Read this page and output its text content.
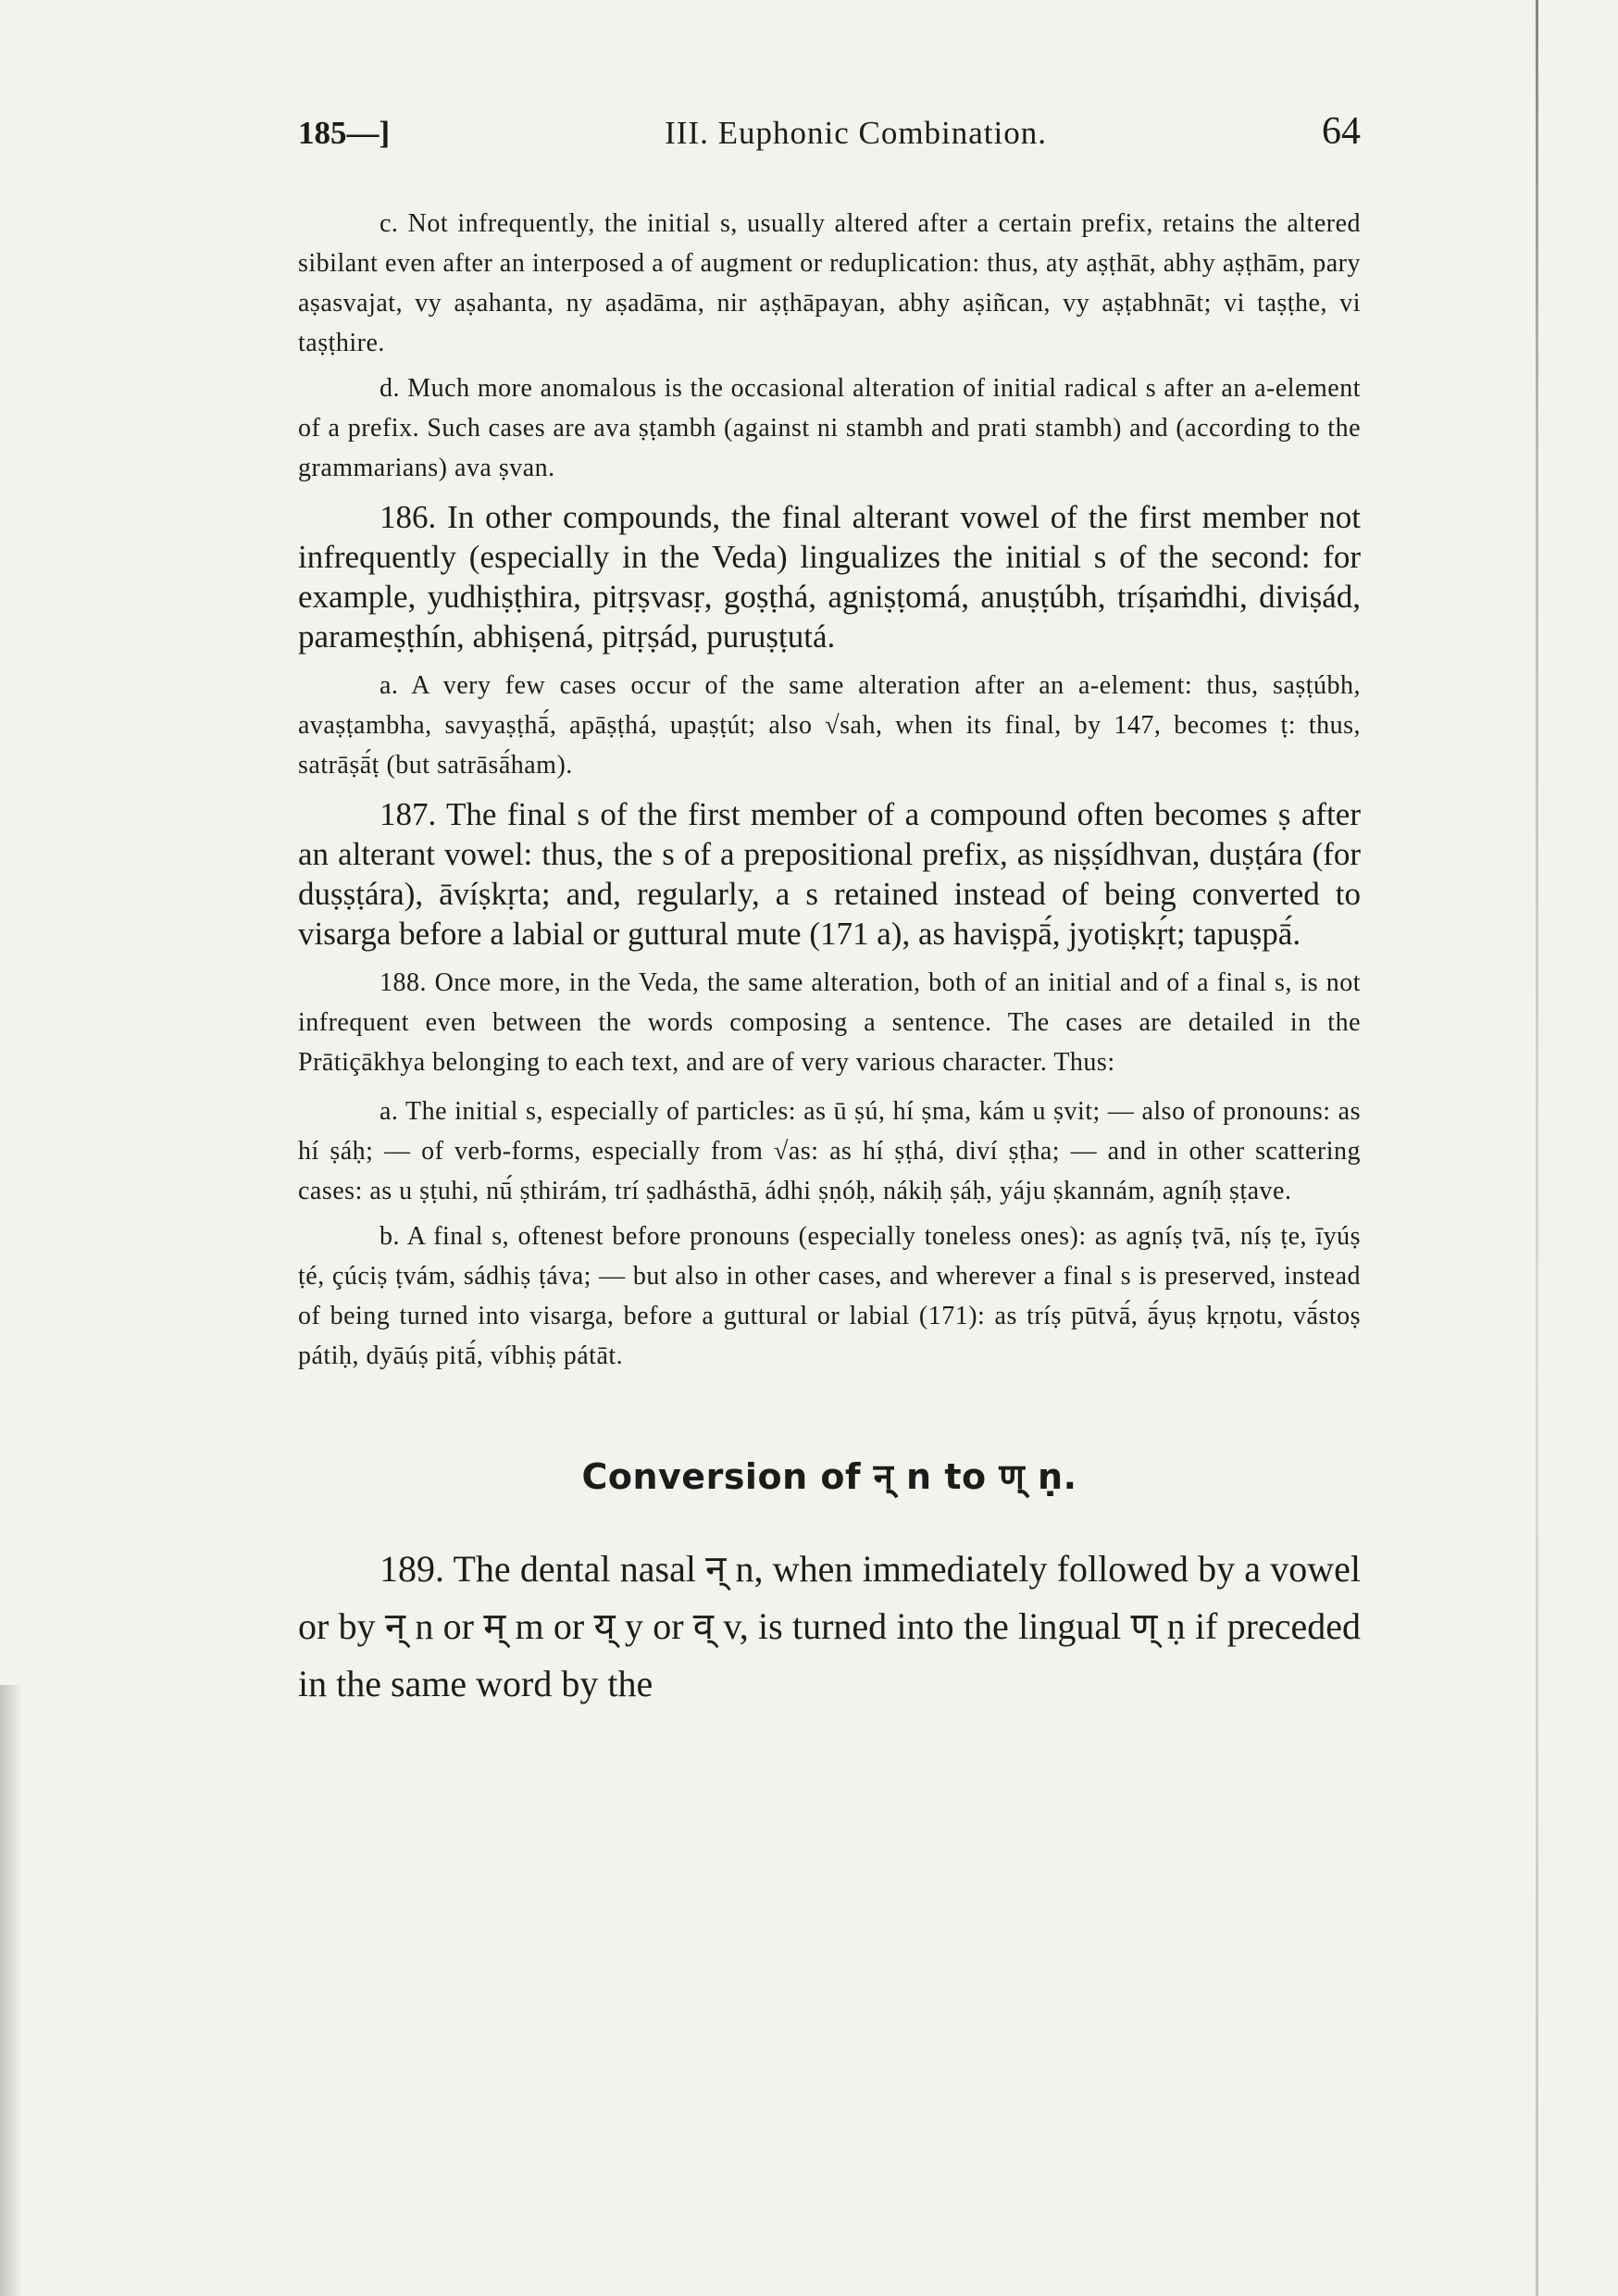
185—]	III. Euphonic Combination.	64

c. Not infrequently, the initial s, usually altered after a certain prefix, retains the altered sibilant even after an interposed a of augment or reduplication: thus, aty aṣṭhāt, abhy aṣṭhām, pary aṣasvajat, vy aṣahanta, ny aṣadāma, nir aṣṭhāpayan, abhy aṣiñcan, vy aṣṭabhnāt; vi taṣṭhe, vi taṣṭhire.

d. Much more anomalous is the occasional alteration of initial radical s after an a-element of a prefix. Such cases are ava ṣṭambh (against ni stambh and prati stambh) and (according to the grammarians) ava ṣvan.

186. In other compounds, the final alterant vowel of the first member not infrequently (especially in the Veda) lingualizes the initial s of the second: for example, yudhiṣṭhira, pitṛṣvasṛ, goṣṭhá, agniṣṭomá, anuṣṭúbh, tríṣaṁdhi, diviṣád, parameṣṭhín, abhiṣená, pitṛṣád, puruṣṭutá.

a. A very few cases occur of the same alteration after an a-element: thus, saṣṭúbh, avaṣṭambha, savyaṣṭhā́, apāṣṭhá, upaṣṭút; also √sah, when its final, by 147, becomes ṭ: thus, satrāṣā́ṭ (but satrāsā́ham).

187. The final s of the first member of a compound often becomes ṣ after an alterant vowel: thus, the s of a prepositional prefix, as niṣṣídhvan, duṣṭára (for duṣṣṭára), āvíṣkṛta; and, regularly, a s retained instead of being converted to visarga before a labial or guttural mute (171 a), as haviṣpā́, jyotiṣkṛ́t; tapuṣpā́.

188. Once more, in the Veda, the same alteration, both of an initial and of a final s, is not infrequent even between the words composing a sentence. The cases are detailed in the Prātiçākhya belonging to each text, and are of very various character. Thus:

a. The initial s, especially of particles: as ū ṣú, hí ṣma, kám u ṣvit; — also of pronouns: as hí ṣáḥ; — of verb-forms, especially from √as: as hí ṣṭhá, diví ṣṭha; — and in other scattering cases: as u ṣṭuhi, nū́ ṣthirám, trí ṣadhásthā, ádhi ṣṇóḥ, nákiḥ ṣáḥ, yáju ṣkannám, agníḥ ṣṭave.

b. A final s, oftenest before pronouns (especially toneless ones): as agníṣ ṭvā, níṣ ṭe, īyúṣ ṭé, çúciṣ ṭvám, sádhiṣ ṭáva; — but also in other cases, and wherever a final s is preserved, instead of being turned into visarga, before a guttural or labial (171): as tríṣ pūtvā́, ā́yuṣ kṛṇotu, vā́stoṣ pátiḥ, dyāúṣ pitā́, víbhiṣ pátāt.

Conversion of न् n to ण् ṇ.

189. The dental nasal न् n, when immediately followed by a vowel or by न् n or म् m or य् y or व् v, is turned into the lingual ण् ṇ if preceded in the same word by the
